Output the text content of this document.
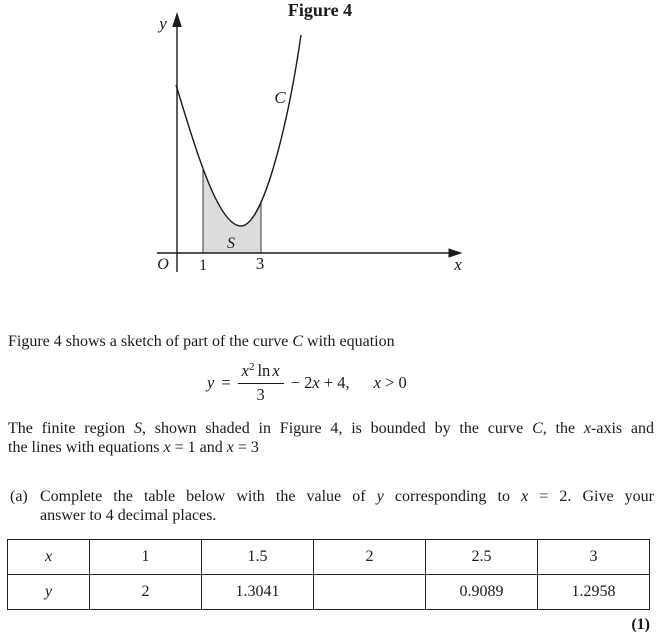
y
x
O 1	3
C
S
Figure 4
Figure 4 shows a sketch of part of the curve C with equation
$y = \frac{x^2 \ln x}{3} - 2x + 4$, x > 0
The finite region S, shown shaded in Figure 4, is bounded by the curve C, the x-axis and
the lines with equations x = 1 and x = 3
(a) Complete the table below with the value of y corresponding to x = 2. Give your
answer to 4 decimal places.
x	1	1.5	2	2.5	3
y	2	1.3041		0.9089	1.2958
(1)
